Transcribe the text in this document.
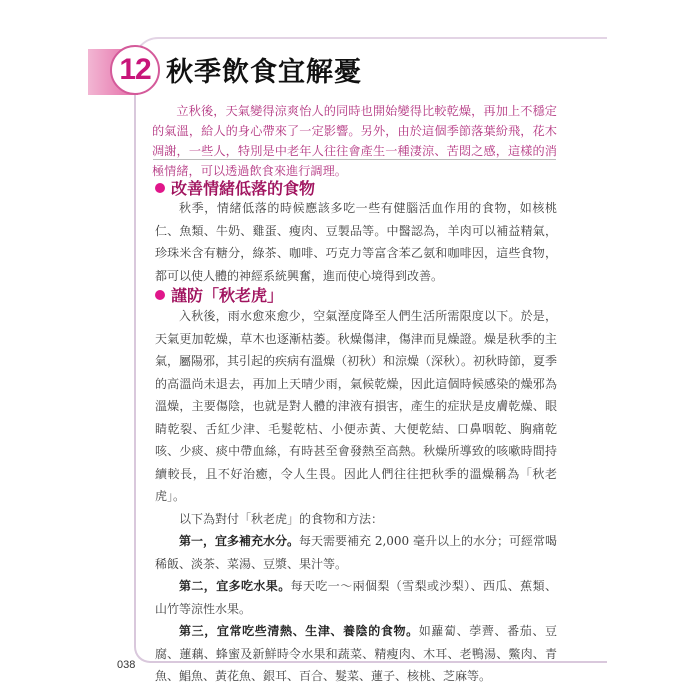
12 秋季飲食宜解憂

立秋後，天氣變得涼爽怡人的同時也開始變得比較乾燥，再加上不穩定的氣溫，給人的身心帶來了一定影響。另外，由於這個季節落葉紛飛，花木凋謝，一些人，特別是中老年人往往會產生一種淒涼、苦悶之感，這樣的消極情緒，可以透過飲食來進行調理。

改善情緒低落的食物

秋季，情緒低落的時候應該多吃一些有健腦活血作用的食物，如核桃仁、魚類、牛奶、雞蛋、瘦肉、豆製品等。中醫認為，羊肉可以補益精氣，珍珠米含有糖分，綠茶、咖啡、巧克力等富含苯乙氨和咖啡因，這些食物，都可以使人體的神經系統興奮，進而使心境得到改善。

謹防「秋老虎」

入秋後，雨水愈來愈少，空氣溼度降至人們生活所需限度以下。於是，天氣更加乾燥，草木也逐漸枯萎。秋燥傷津，傷津而見燥證。燥是秋季的主氣，屬陽邪，其引起的疾病有溫燥（初秋）和涼燥（深秋）。初秋時節，夏季的高溫尚未退去，再加上天晴少雨，氣候乾燥，因此這個時候感染的燥邪為溫燥，主要傷陰，也就是對人體的津液有損害，產生的症狀是皮膚乾燥、眼睛乾裂、舌紅少津、毛髮乾枯、小便赤黃、大便乾結、口鼻咽乾、胸痛乾咳、少痰、痰中帶血絲，有時甚至會發熱至高熱。秋燥所導致的咳嗽時間持續較長，且不好治癒，令人生畏。因此人們往往把秋季的溫燥稱為「秋老虎」。

以下為對付「秋老虎」的食物和方法：

第一，宜多補充水分。每天需要補充 2,000 毫升以上的水分；可經常喝稀飯、淡茶、菜湯、豆漿、果汁等。

第二，宜多吃水果。每天吃一～兩個梨（雪梨或沙梨）、西瓜、蕉類、山竹等涼性水果。

第三，宜常吃些清熱、生津、養陰的食物。如蘿蔔、荸薺、番茄、豆腐、蓮藕、蜂蜜及新鮮時令水果和蔬菜、精瘦肉、木耳、老鴨湯、鱉肉、青魚、鯧魚、黃花魚、銀耳、百合、髮菜、蓮子、核桃、芝麻等。

038
